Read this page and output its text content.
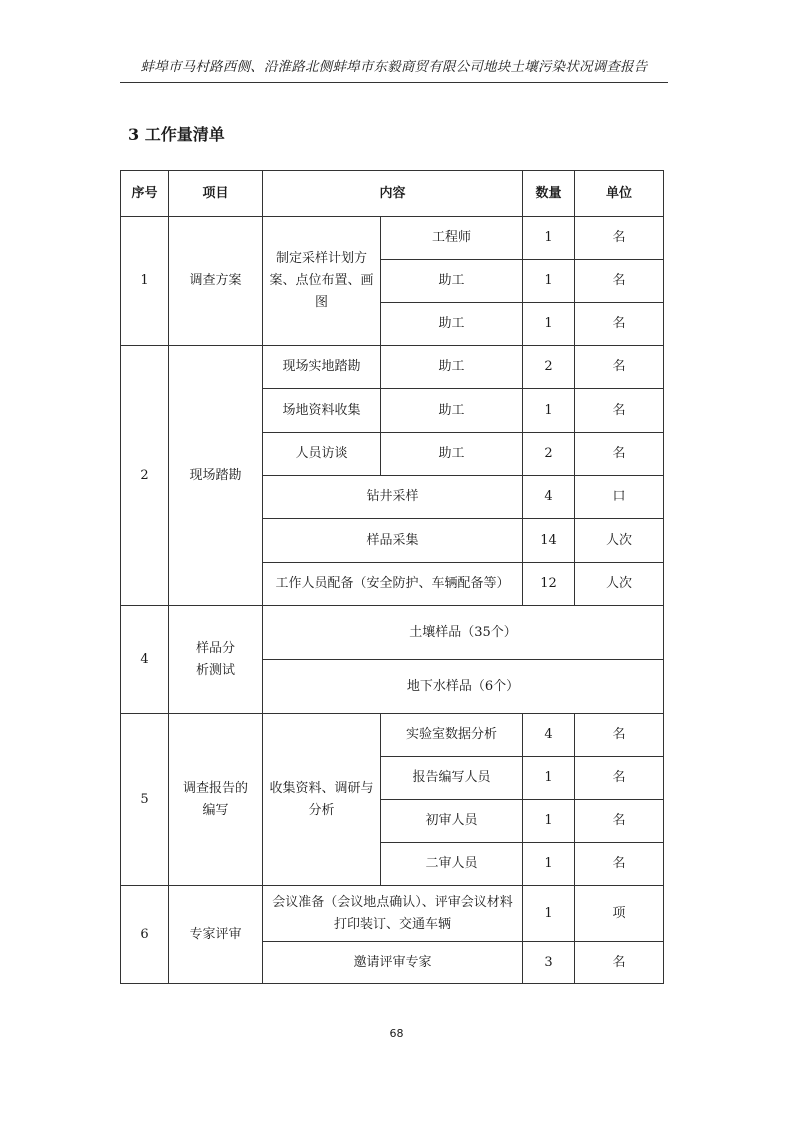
蚌埠市马村路西侧、沿淮路北侧蚌埠市东毅商贸有限公司地块土壤污染状况调查报告
3 工作量清单
序号	项目	内容		数量	单位
1	调查方案	制定采样计划方案、点位布置、画图	工程师	1	名
			助工	1	名
			助工	1	名
2	现场踏勘	现场实地踏勘	助工	2	名
		场地资料收集	助工	1	名
		人员访谈	助工	2	名
		钻井采样		4	口
		样品采集		14	人次
		工作人员配备（安全防护、车辆配备等）		12	人次
4	样品分析测试	土壤样品（35个）			
		地下水样品（6个）			
5	调查报告的编写	收集资料、调研与分析	实验室数据分析	4	名
			报告编写人员	1	名
			初审人员	1	名
			二审人员	1	名
6	专家评审	会议准备（会议地点确认）、评审会议材料打印装订、交通车辆		1	项
		邀请评审专家		3	名
68
